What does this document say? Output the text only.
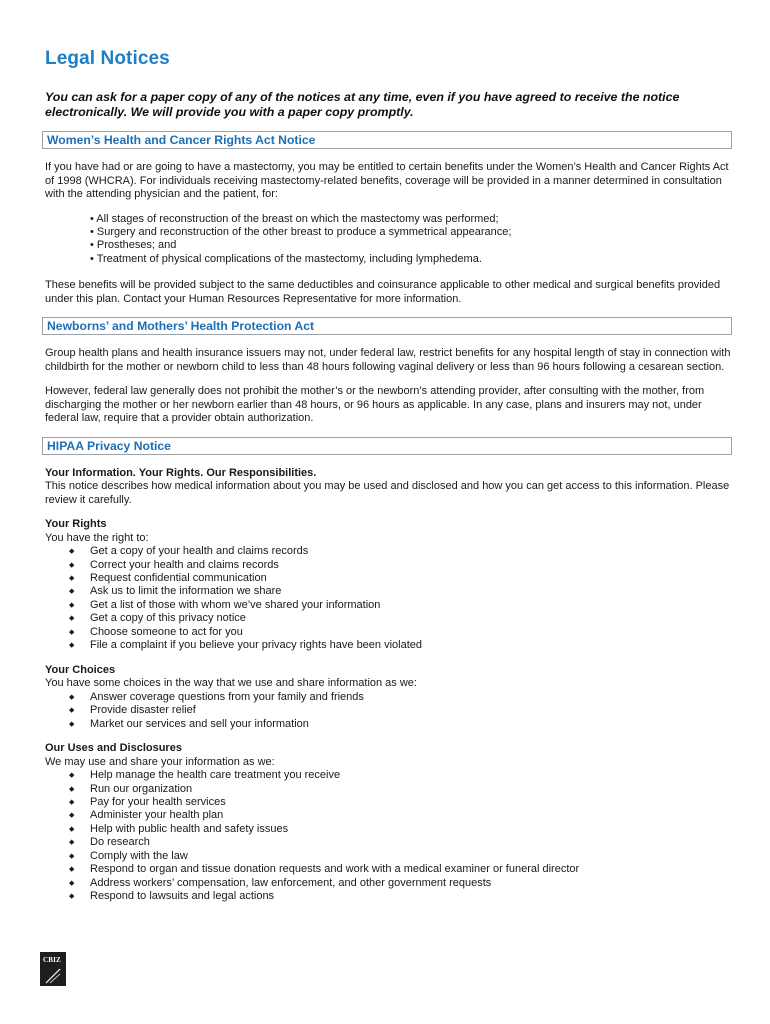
Legal Notices

You can ask for a paper copy of any of the notices at any time, even if you have agreed to receive the notice electronically. We will provide you with a paper copy promptly.

Women’s Health and Cancer Rights Act Notice

If you have had or are going to have a mastectomy, you may be entitled to certain benefits under the Women’s Health and Cancer Rights Act of 1998 (WHCRA). For individuals receiving mastectomy-related benefits, coverage will be provided in a manner determined in consultation with the attending physician and the patient, for:

• All stages of reconstruction of the breast on which the mastectomy was performed;
• Surgery and reconstruction of the other breast to produce a symmetrical appearance;
• Prostheses; and
• Treatment of physical complications of the mastectomy, including lymphedema.

These benefits will be provided subject to the same deductibles and coinsurance applicable to other medical and surgical benefits provided under this plan. Contact your Human Resources Representative for more information.

Newborns’ and Mothers’ Health Protection Act

Group health plans and health insurance issuers may not, under federal law, restrict benefits for any hospital length of stay in connection with childbirth for the mother or newborn child to less than 48 hours following vaginal delivery or less than 96 hours following a cesarean section.

However, federal law generally does not prohibit the mother’s or the newborn’s attending provider, after consulting with the mother, from discharging the mother or her newborn earlier than 48 hours, or 96 hours as applicable. In any case, plans and insurers may not, under federal law, require that a provider obtain authorization.

HIPAA Privacy Notice
Your Information. Your Rights. Our Responsibilities.

This notice describes how medical information about you may be used and disclosed and how you can get access to this information. Please review it carefully.

Your Rights

You have the right to:

◆ Get a copy of your health and claims records
◆ Correct your health and claims records
◆ Request confidential communication
◆ Ask us to limit the information we share
◆ Get a list of those with whom we’ve shared your information
◆ Get a copy of this privacy notice
◆ Choose someone to act for you
◆ File a complaint if you believe your privacy rights have been violated
Your Choices

You have some choices in the way that we use and share information as we:

◆ Answer coverage questions from your family and friends
◆ Provide disaster relief
◆ Market our services and sell your information
Our Uses and Disclosures

We may use and share your information as we:

◆ Help manage the health care treatment you receive
◆ Run our organization
◆ Pay for your health services
◆ Administer your health plan
◆ Help with public health and safety issues
◆ Do research
◆ Comply with the law
◆ Respond to organ and tissue donation requests and work with a medical examiner or funeral director
◆ Address workers’ compensation, law enforcement, and other government requests
◆ Respond to lawsuits and legal actions
CBIZ
